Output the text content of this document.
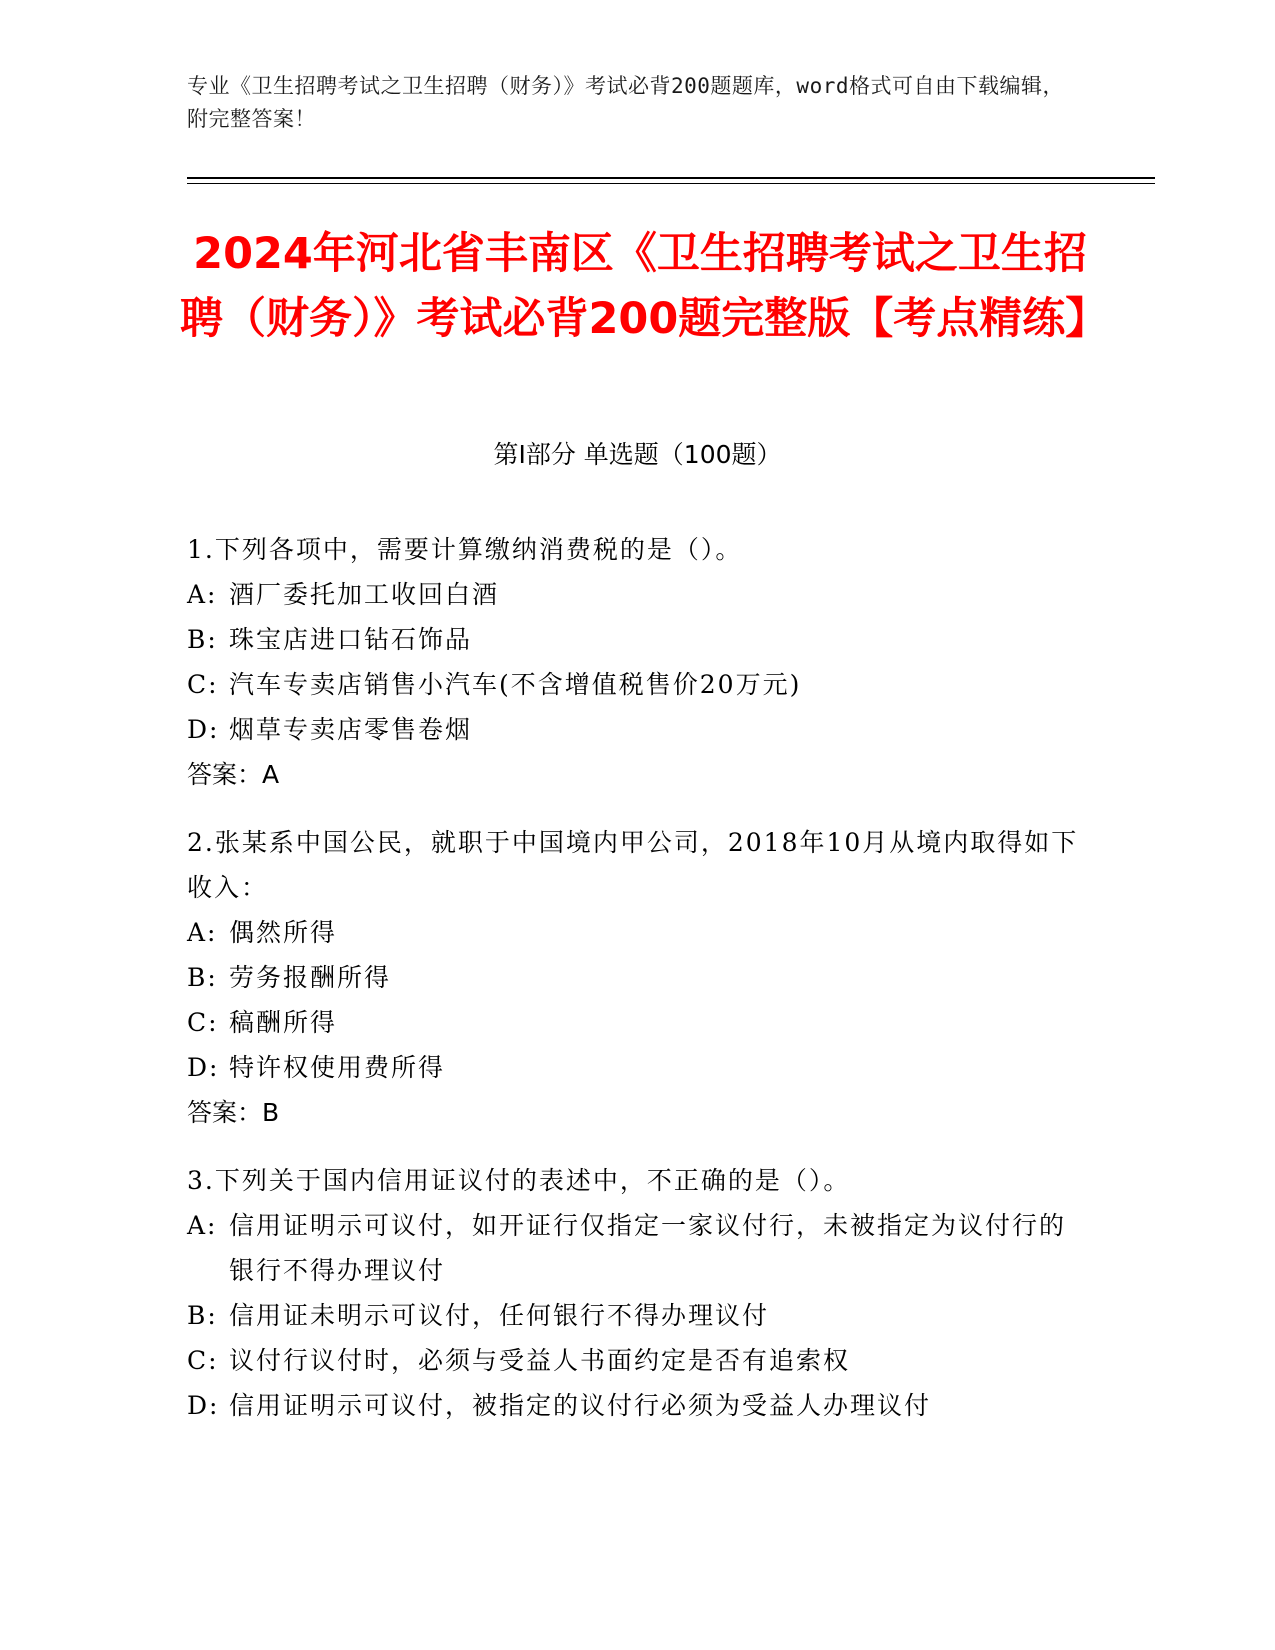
专业《卫生招聘考试之卫生招聘（财务）》考试必背200题题库，word格式可自由下载编辑，附完整答案！
2024年河北省丰南区《卫生招聘考试之卫生招聘（财务）》考试必背200题完整版【考点精练】
第I部分 单选题（100题）

1.下列各项中，需要计算缴纳消费税的是（）。

A: 酒厂委托加工收回白酒
B: 珠宝店进口钻石饰品
C: 汽车专卖店销售小汽车(不含增值税售价20万元)
D: 烟草专卖店零售卷烟

答案：A

2.张某系中国公民，就职于中国境内甲公司，2018年10月从境内取得如下收入：

A: 偶然所得
B: 劳务报酬所得
C: 稿酬所得
D: 特许权使用费所得

答案：B

3.下列关于国内信用证议付的表述中，不正确的是（）。

A: 信用证明示可议付，如开证行仅指定一家议付行，未被指定为议付行的银行不得办理议付
B: 信用证未明示可议付，任何银行不得办理议付
C: 议付行议付时，必须与受益人书面约定是否有追索权
D: 信用证明示可议付，被指定的议付行必须为受益人办理议付
